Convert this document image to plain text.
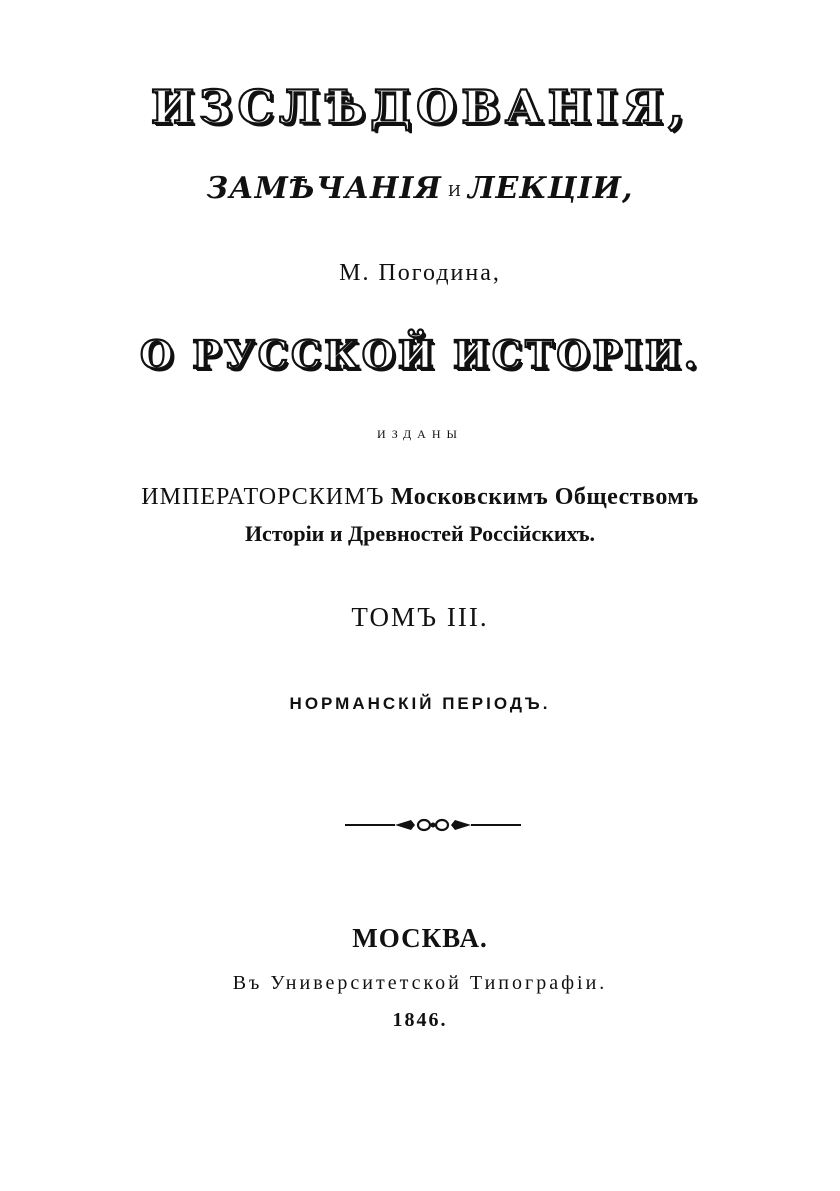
ИЗСЛѢДОВАНІЯ,
ЗАМѢЧАНІЯ И ЛЕКЦІИ,
М. Погодина,
О РУССКОЙ ИСТОРІИ.
ИЗДАНЫ
ИМПЕРАТОРСКИМЪ Московскимъ Обществомъ
Исторіи и Древностей Россійскихъ.
ТОМЪ III.
НОРМАНСКІЙ ПЕРІОДЪ.
МОСКВА.
Въ Университетской Типографіи.
1846.
